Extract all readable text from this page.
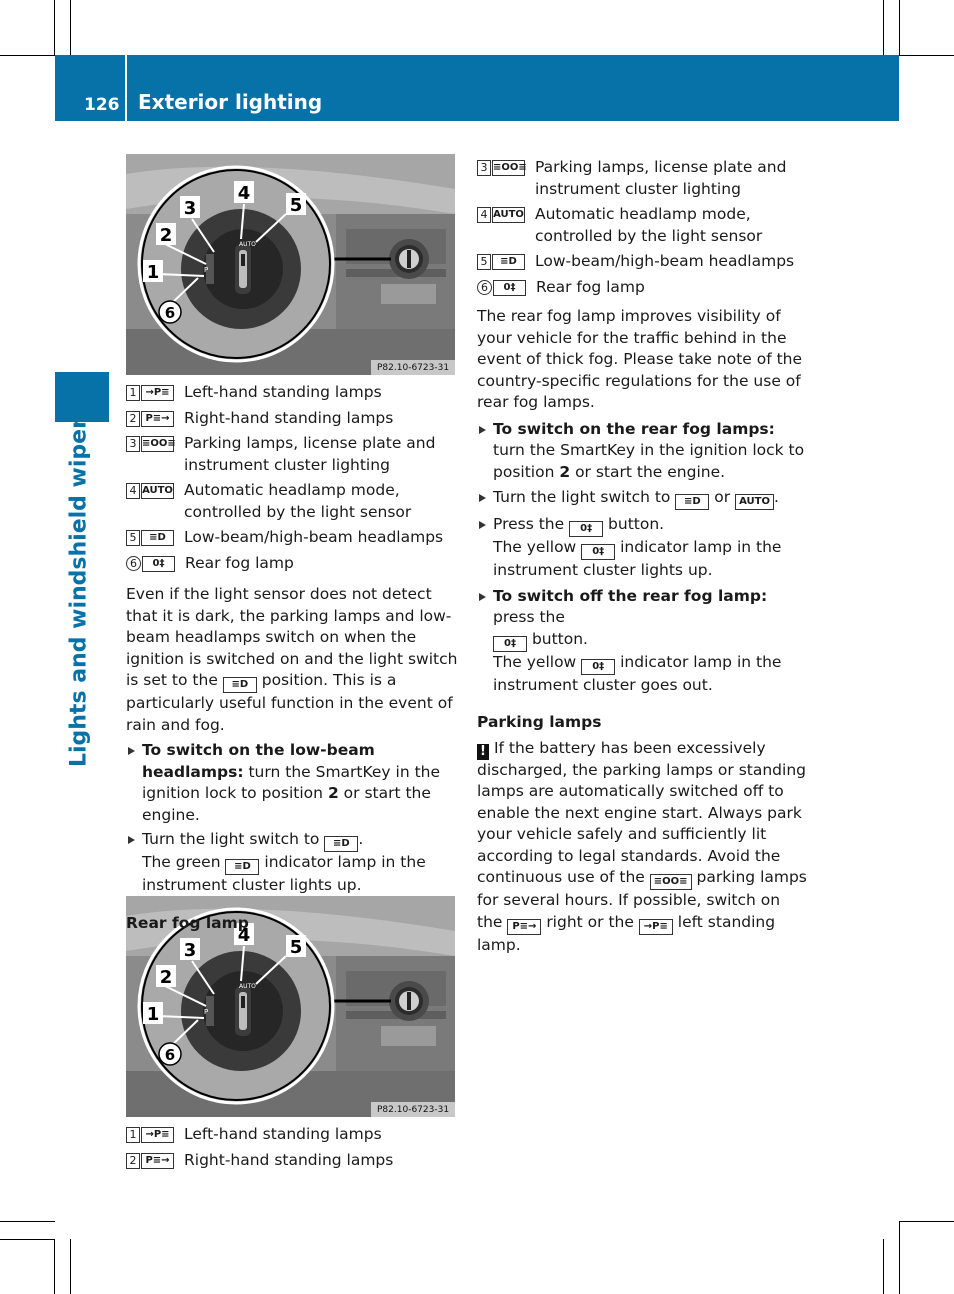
126 Exterior lighting
Lights and windshield wipers
AUTO
P
3
4
5
2
1
6
P82.10-6723-31
AUTO
P
3
4
5
2
1
6
P82.10-6723-31
1 →P≡ Left-hand standing lamps
2 P≡→ Right-hand standing lamps
3 ≡OO≡ Parking lamps, license plate and instrument cluster lighting
4 AUTO Automatic headlamp mode, controlled by the light sensor
5	≡D	Low-beam/high-beam headlamps
6	0‡	Rear fog lamp

Even if the light sensor does not detect that it is dark, the parking lamps and low-beam headlamps switch on when the ignition is switched on and the light switch is set to the ≡D position. This is a particularly useful function in the event of rain and fog.

To switch on the low-beam headlamps: turn the SmartKey in the ignition lock to position 2 or start the engine.
Turn the light switch to ≡D .
The green ≡D indicator lamp in the instrument cluster lights up.

Rear fog lamp

1 →P≡ Left-hand standing lamps
2 P≡→ Right-hand standing lamps
3 ≡OO≡ Parking lamps, license plate and instrument cluster lighting
4 AUTO Automatic headlamp mode, controlled by the light sensor
5	≡D	Low-beam/high-beam headlamps
6	0‡	Rear fog lamp

The rear fog lamp improves visibility of your vehicle for the traffic behind in the event of thick fog. Please take note of the country-specific regulations for the use of rear fog lamps.

To switch on the rear fog lamps: turn the SmartKey in the ignition lock to position 2 or start the engine.
Turn the light switch to ≡D or AUTO .
Press the 0‡ button.
The yellow 0‡ indicator lamp in the instrument cluster lights up.
To switch off the rear fog lamp: press the
0‡ button.
The yellow 0‡ indicator lamp in the instrument cluster goes out.

Parking lamps

! If the battery has been excessively discharged, the parking lamps or standing lamps are automatically switched off to enable the next engine start. Always park your vehicle safely and sufficiently lit according to legal standards. Avoid the continuous use of the ≡OO≡ parking lamps for several hours. If possible, switch on the P≡→ right or the →P≡ left standing lamp.
